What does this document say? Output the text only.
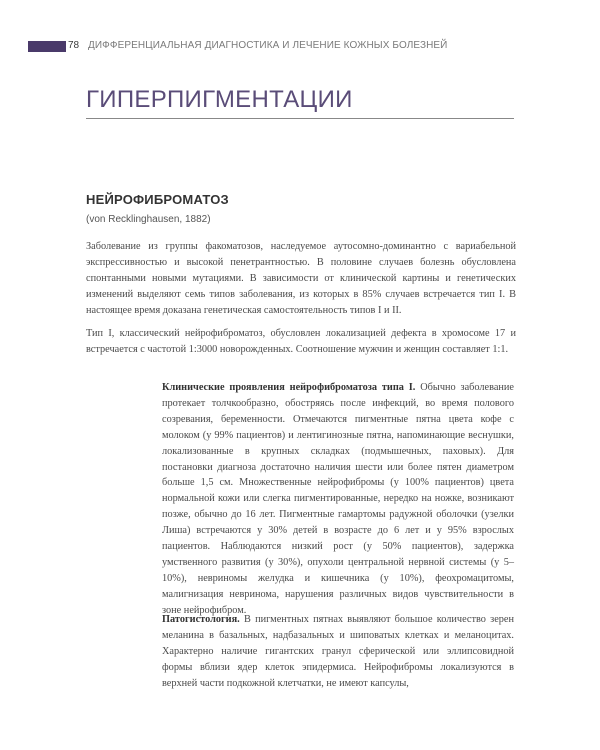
78 ДИФФЕРЕНЦИАЛЬНАЯ ДИАГНОСТИКА И ЛЕЧЕНИЕ КОЖНЫХ БОЛЕЗНЕЙ
ГИПЕРПИГМЕНТАЦИИ
НЕЙРОФИБРОМАТОЗ
(von Recklinghausen, 1882)

Заболевание из группы факоматозов, наследуемое аутосомно-доминантно с вариабельной экспрессивностью и высокой пенетрантностью. В половине случаев болезнь обусловлена спонтанными новыми мутациями. В зависимости от клинической картины и генетических изменений выделяют семь типов заболевания, из которых в 85% случаев встречается тип I. В настоящее время доказана генетическая самостоятельность типов I и II.

Тип I, классический нейрофиброматоз, обусловлен локализацией дефекта в хромосоме 17 и встречается с частотой 1:3000 новорожденных. Соотношение мужчин и женщин составляет 1:1.

Клинические проявления нейрофиброматоза типа I. Обычно заболевание протекает толчкообразно, обостряясь после инфекций, во время полового созревания, беременности. Отмечаются пигментные пятна цвета кофе с молоком (у 99% пациентов) и лентигинозные пятна, напоминающие веснушки, локализованные в крупных складках (подмышечных, паховых). Для постановки диагноза достаточно наличия шести или более пятен диаметром больше 1,5 см. Множественные нейрофибромы (у 100% пациентов) цвета нормальной кожи или слегка пигментированные, нередко на ножке, возникают позже, обычно до 16 лет. Пигментные гамартомы радужной оболочки (узелки Лиша) встречаются у 30% детей в возрасте до 6 лет и у 95% взрослых пациентов. Наблюдаются низкий рост (у 50% пациентов), задержка умственного развития (у 30%), опухоли центральной нервной системы (у 5–10%), невриномы желудка и кишечника (у 10%), феохромацитомы, малигнизация невринома, нарушения различных видов чувствительности в зоне нейрофибром.

Патогистология. В пигментных пятнах выявляют большое количество зерен меланина в базальных, надбазальных и шиповатых клетках и меланоцитах. Характерно наличие гигантских гранул сферической или эллипсовидной формы вблизи ядер клеток эпидермиса. Нейрофибромы локализуются в верхней части подкожной клетчатки, не имеют капсулы,
